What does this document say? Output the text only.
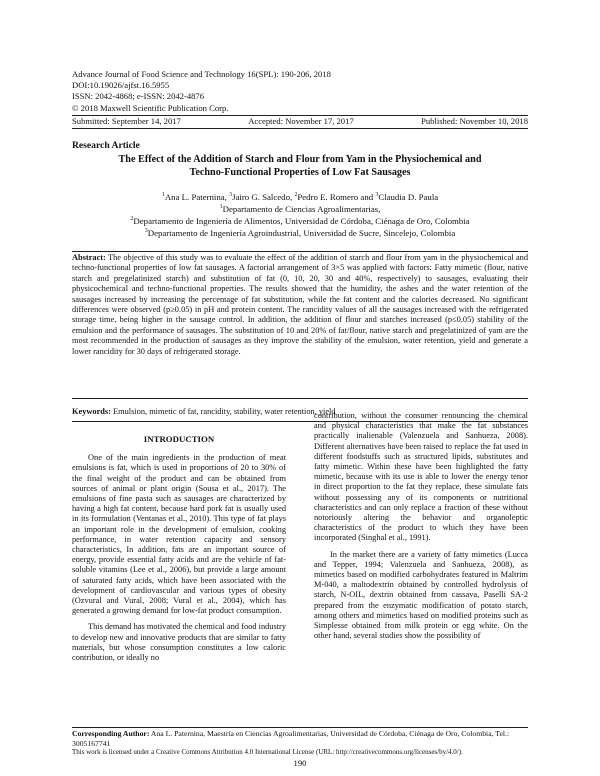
Advance Journal of Food Science and Technology 16(SPL): 190-206, 2018
DOI:10.19026/ajfst.16.5955
ISSN: 2042-4868; e-ISSN: 2042-4876
© 2018 Maxwell Scientific Publication Corp.
Submitted: September 14, 2017	Accepted: November 17, 2017	Published: November 10, 2018
Research Article
The Effect of the Addition of Starch and Flour from Yam in the Physiochemical and
Techno-Functional Properties of Low Fat Sausages
$^1$Ana L. Paternina, $^3$Jairo G. Salcedo, $^2$Pedro E. Romero and $^3$Claudia D. Paula
$^1$Departamento de Ciencias Agroalimentarias,
$^2$Departamento de Ingeniería de Alimentos, Universidad de Córdoba, Ciénaga de Oro, Colombia
$^3$Departamento de Ingeniería Agroindustrial, Universidad de Sucre, Sincelejo, Colombia
Abstract: The objective of this study was to evaluate the effect of the addition of starch and flour from yam in the physiochemical and techno-functional properties of low fat sausages. A factorial arrangement of 3×5 was applied with factors: Fatty mimetic (flour, native starch and pregelatinized starch) and substitution of fat (0, 10, 20, 30 and 40%, respectively) to sausages, evaluating their physicochemical and techno-functional properties. The results showed that the humidity, the ashes and the water retention of the sausages increased by increasing the percentage of fat substitution, while the fat content and the calories decreased. No significant differences were observed (p≥0.05) in pH and protein content. The rancidity values of all the sausages increased with the refrigerated storage time, being higher in the sausage control. In addition, the addition of flour and starches increased (p≤0.05) stability of the emulsion and the performance of sausages. The substitution of 10 and 20% of fat/flour, native starch and pregelatinized of yam are the most recommended in the production of sausages as they improve the stability of the emulsion, water retention, yield and generate a lower rancidity for 30 days of refrigerated storage.
Keywords: Emulsion, mimetic of fat, rancidity, stability, water retention, yield
INTRODUCTION

One of the main ingredients in the production of meat emulsions is fat, which is used in proportions of 20 to 30% of the final weight of the product and can be obtained from sources of animal or plant origin (Sousa et al., 2017). The emulsions of fine pasta such as sausages are characterized by having a high fat content, because hard pork fat is usually used in its formulation (Ventanas et al., 2010). This type of fat plays an important role in the development of emulsion, cooking performance, in water retention capacity and sensory characteristics, In addition, fats are an important source of energy, provide essential fatty acids and are the vehicle of fat-soluble vitamins (Lee et al., 2006), but provide a large amount of saturated fatty acids, which have been associated with the development of cardiovascular and various types of obesity (Ozvural and Vural, 2008; Vural et al., 2004), which has generated a growing demand for low-fat product consumption.

This demand has motivated the chemical and food industry to develop new and innovative products that are similar to fatty materials, but whose consumption constitutes a low caloric contribution, or ideally no

contribution, without the consumer renouncing the chemical and physical characteristics that make the fat substances practically inalienable (Valenzuela and Sanhueza, 2008). Different alternatives have been raised to replace the fat used in different foodstuffs such as structured lipids, substitutes and fatty mimetic. Within these have been highlighted the fatty mimetic, because with its use is able to lower the energy tenor in direct proportion to the fat they replace, these simulate fats without possessing any of its components or nutritional characteristics and can only replace a fraction of these without notoriously altering the behavior and organoleptic characteristics of the product to which they have been incorporated (Singhal et al., 1991).

In the market there are a variety of fatty mimetics (Lucca and Tepper, 1994; Valenzuela and Sanhueza, 2008), as mimetics based on modified carbohydrates featured in Maltrim M-040, a maltodextrin obtained by controlled hydrolysis of starch, N-OIL, dextrin obtained from cassava, Paselli SA-2 prepared from the enzymatic modification of potato starch, among others and mimetics based on modified proteins such as Simplesse obtained from milk protein or egg white. On the other hand, several studies show the possibility of

Corresponding Author: Ana L. Paternina, Maestría en Ciencias Agroalimentarias, Universidad de Córdoba, Ciénaga de Oro, Colombia, Tel.: 3005167741
This work is licensed under a Creative Commons Attribution 4.0 International License (URL: http://creativecommons.org/licenses/by/4.0/).
190
